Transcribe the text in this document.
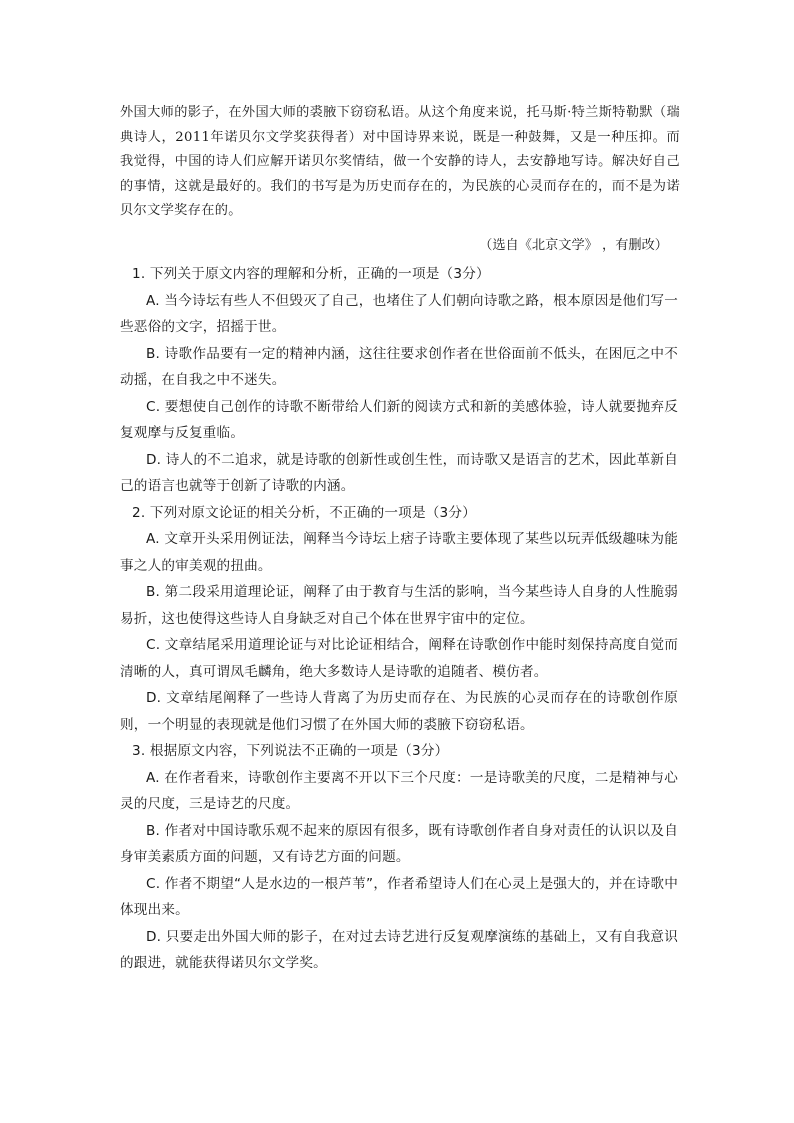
外国大师的影子，在外国大师的裘腋下窃窃私语。从这个角度来说，托马斯·特兰斯特勒默（瑞典诗人，2011年诺贝尔文学奖获得者）对中国诗界来说，既是一种鼓舞，又是一种压抑。而我觉得，中国的诗人们应解开诺贝尔奖情结，做一个安静的诗人，去安静地写诗。解决好自己的事情，这就是最好的。我们的书写是为历史而存在的，为民族的心灵而存在的，而不是为诺贝尔文学奖存在的。

（选自《北京文学》 ，有删改）

1. 下列关于原文内容的理解和分析，正确的一项是（3分）

A. 当今诗坛有些人不但毁灭了自己，也堵住了人们朝向诗歌之路，根本原因是他们写一些恶俗的文字，招摇于世。

B. 诗歌作品要有一定的精神内涵，这往往要求创作者在世俗面前不低头，在困厄之中不动摇，在自我之中不迷失。

C. 要想使自己创作的诗歌不断带给人们新的阅读方式和新的美感体验，诗人就要抛弃反复观摩与反复重临。

D. 诗人的不二追求，就是诗歌的创新性或创生性，而诗歌又是语言的艺术，因此革新自己的语言也就等于创新了诗歌的内涵。

2. 下列对原文论证的相关分析，不正确的一项是（3分）

A. 文章开头采用例证法，阐释当今诗坛上痞子诗歌主要体现了某些以玩弄低级趣味为能事之人的审美观的扭曲。

B. 第二段采用道理论证，阐释了由于教育与生活的影响，当今某些诗人自身的人性脆弱易折，这也使得这些诗人自身缺乏对自己个体在世界宇宙中的定位。

C. 文章结尾采用道理论证与对比论证相结合，阐释在诗歌创作中能时刻保持高度自觉而清晰的人，真可谓凤毛麟角，绝大多数诗人是诗歌的追随者、模仿者。

D. 文章结尾阐释了一些诗人背离了为历史而存在、为民族的心灵而存在的诗歌创作原则，一个明显的表现就是他们习惯了在外国大师的裘腋下窃窃私语。

3. 根据原文内容，下列说法不正确的一项是（3分）

A. 在作者看来，诗歌创作主要离不开以下三个尺度：一是诗歌美的尺度，二是精神与心灵的尺度，三是诗艺的尺度。

B. 作者对中国诗歌乐观不起来的原因有很多，既有诗歌创作者自身对责任的认识以及自身审美素质方面的问题，又有诗艺方面的问题。

C. 作者不期望“人是水边的一根芦苇”，作者希望诗人们在心灵上是强大的，并在诗歌中体现出来。

D. 只要走出外国大师的影子，在对过去诗艺进行反复观摩演练的基础上，又有自我意识的跟进，就能获得诺贝尔文学奖。
